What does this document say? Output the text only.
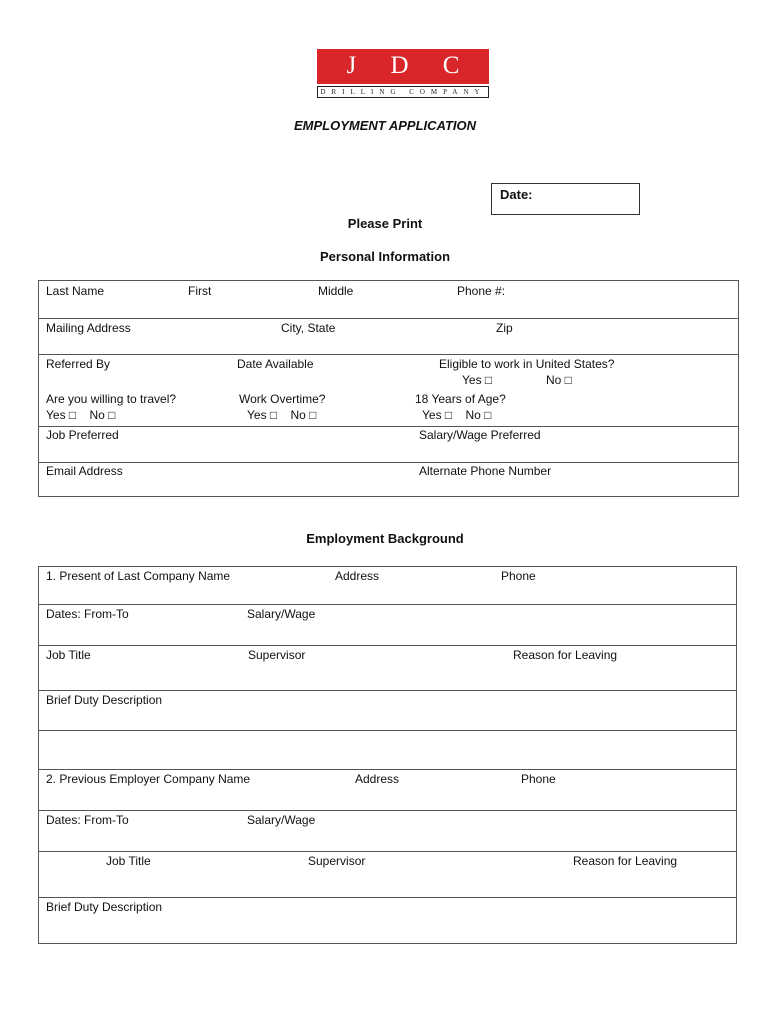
J D C
DRILLING COMPANY
EMPLOYMENT APPLICATION
Date:
Please Print
Personal Information
Last Name	First	Middle	Phone #:
Mailing Address	City, State	Zip
Referred By	Date Available	Eligible to work in United States?
Yes □	No □
Are you willing to travel?
Yes □    No □
Work Overtime?
Yes □    No □
18 Years of Age?
Yes □    No □
Job Preferred	Salary/Wage Preferred
Email Address	Alternate Phone Number
Employment Background
1. Present of Last Company Name	Address	Phone
Dates: From-To	Salary/Wage
Job Title	Supervisor	Reason for Leaving
Brief Duty Description
2. Previous Employer Company Name	Address	Phone
Dates: From-To	Salary/Wage
Job Title	Supervisor	Reason for Leaving
Brief Duty Description
